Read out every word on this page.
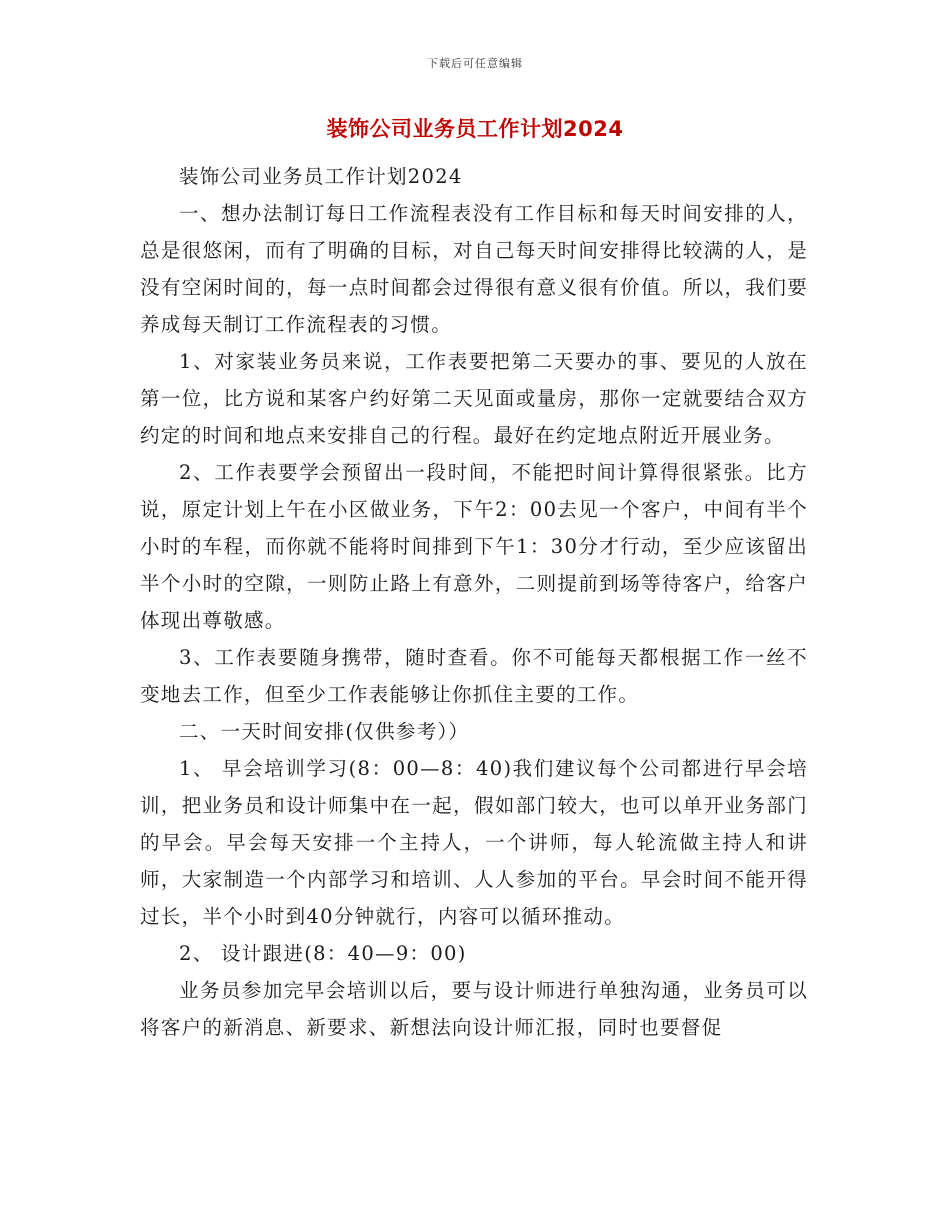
下载后可任意编辑
装饰公司业务员工作计划2024

装饰公司业务员工作计划2024

一、想办法制订每日工作流程表没有工作目标和每天时间安排的人，总是很悠闲，而有了明确的目标，对自己每天时间安排得比较满的人，是没有空闲时间的，每一点时间都会过得很有意义很有价值。所以，我们要养成每天制订工作流程表的习惯。

1、对家装业务员来说，工作表要把第二天要办的事、要见的人放在第一位，比方说和某客户约好第二天见面或量房，那你一定就要结合双方约定的时间和地点来安排自己的行程。最好在约定地点附近开展业务。

2、工作表要学会预留出一段时间，不能把时间计算得很紧张。比方说，原定计划上午在小区做业务，下午2：00去见一个客户，中间有半个小时的车程，而你就不能将时间排到下午1：30分才行动，至少应该留出半个小时的空隙，一则防止路上有意外，二则提前到场等待客户，给客户体现出尊敬感。

3、工作表要随身携带，随时查看。你不可能每天都根据工作一丝不变地去工作，但至少工作表能够让你抓住主要的工作。

二、一天时间安排(仅供参考））

1、 早会培训学习(8：00—8：40)我们建议每个公司都进行早会培训，把业务员和设计师集中在一起，假如部门较大，也可以单开业务部门的早会。早会每天安排一个主持人，一个讲师，每人轮流做主持人和讲师，大家制造一个内部学习和培训、人人参加的平台。早会时间不能开得过长，半个小时到40分钟就行，内容可以循环推动。

2、 设计跟进(8：40—9：00)

业务员参加完早会培训以后，要与设计师进行单独沟通，业务员可以将客户的新消息、新要求、新想法向设计师汇报，同时也要督促
